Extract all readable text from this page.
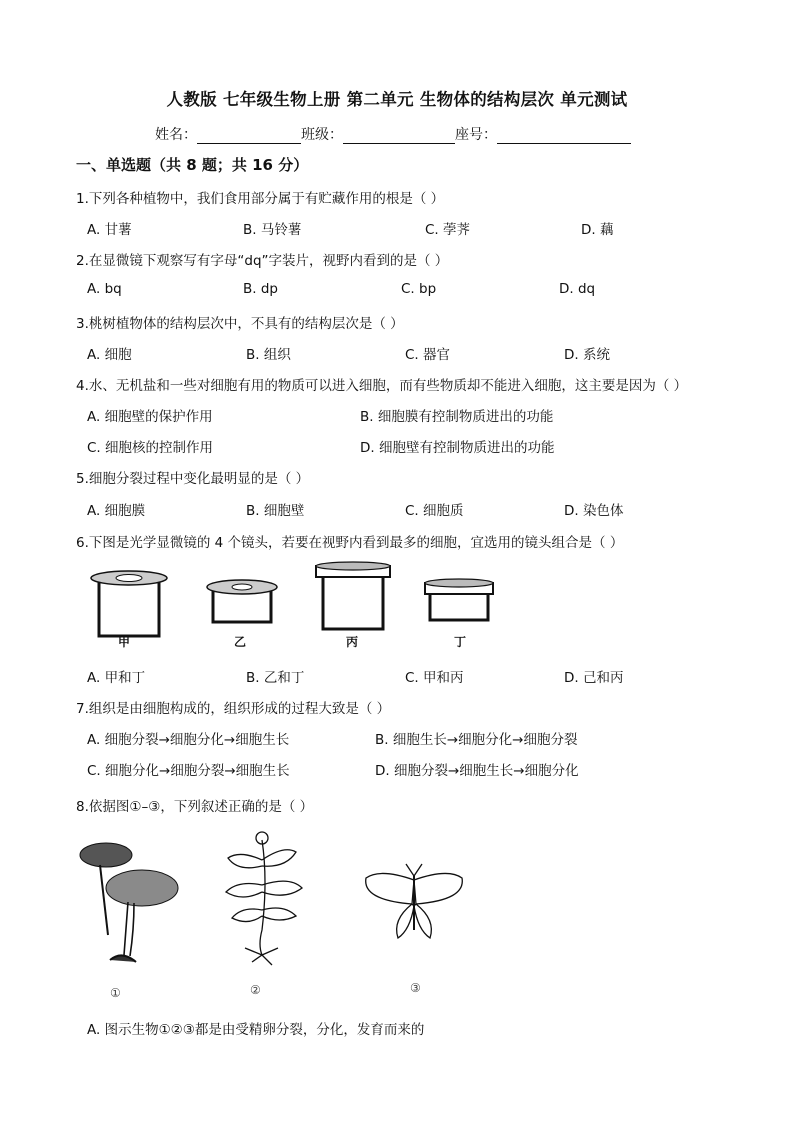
人教版 七年级生物上册 第二单元 生物体的结构层次 单元测试
姓名：	班级：	座号：
一、单选题（共 8 题；共 16 分）
1.下列各种植物中，我们食用部分属于有贮藏作用的根是（ ）
A. 甘薯	B. 马铃薯	C. 荸荠	D. 藕
2.在显微镜下观察写有字母“dq”字装片，视野内看到的是（ ）
A. bq	B. dp	C. bp	D. dq
3.桃树植物体的结构层次中，不具有的结构层次是（ ）
A. 细胞	B. 组织	C. 器官	D. 系统
4.水、无机盐和一些对细胞有用的物质可以进入细胞，而有些物质却不能进入细胞，这主要是因为（ ）
A. 细胞壁的保护作用	B. 细胞膜有控制物质进出的功能
C. 细胞核的控制作用	D. 细胞壁有控制物质进出的功能
5.细胞分裂过程中变化最明显的是（ ）
A. 细胞膜	B. 细胞壁	C. 细胞质	D. 染色体
6.下图是光学显微镜的 4 个镜头，若要在视野内看到最多的细胞，宜选用的镜头组合是（ ）
甲	乙	丙	丁
A. 甲和丁	B. 乙和丁	C. 甲和丙	D. 己和丙
7.组织是由细胞构成的，组织形成的过程大致是（ ）
A. 细胞分裂→细胞分化→细胞生长	B. 细胞生长→细胞分化→细胞分裂
C. 细胞分化→细胞分裂→细胞生长	D. 细胞分裂→细胞生长→细胞分化
8.依据图①–③，下列叙述正确的是（ ）
①	②	③
A. 图示生物①②③都是由受精卵分裂，分化，发育而来的
